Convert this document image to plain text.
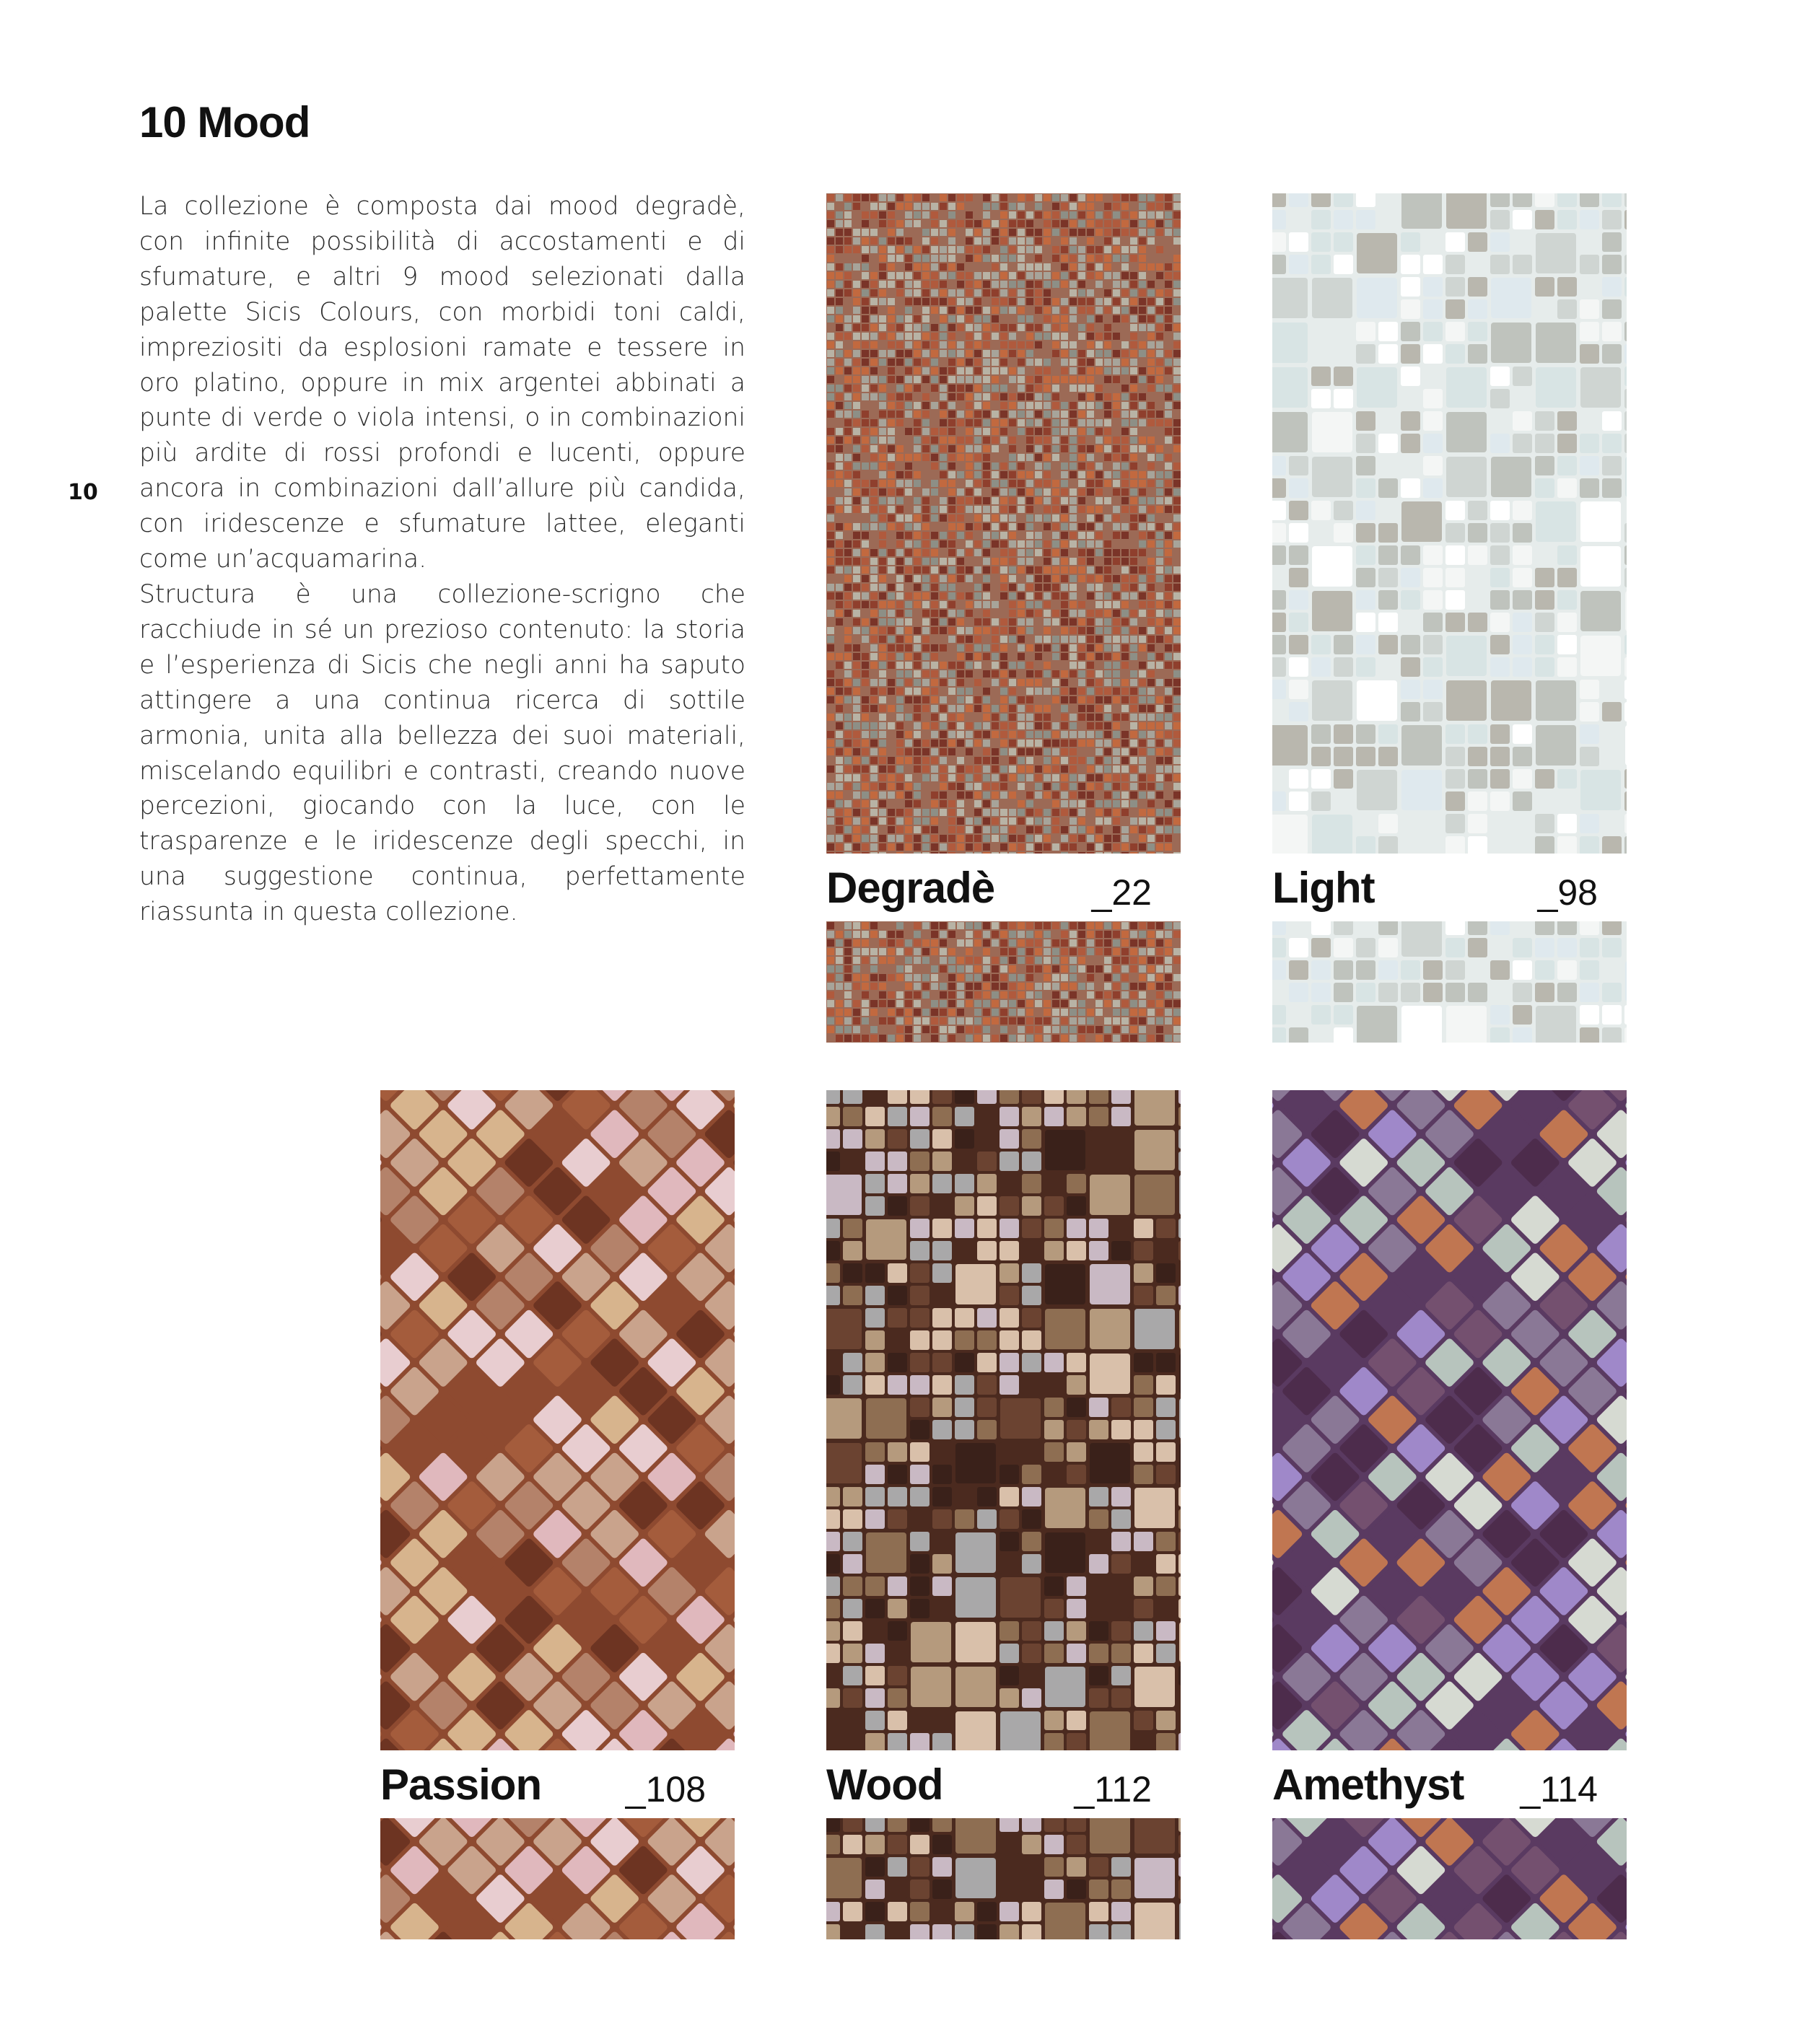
10 Mood
10

La collezione è composta dai mood degradè, con infinite possibilità di accostamenti e di sfumature, e altri 9 mood selezionati dalla palette Sicis Colours, con morbidi toni caldi, impreziositi da esplosioni ramate e tessere in oro platino, oppure in mix argentei abbinati a punte di verde o viola intensi, o in combinazioni più ardite di rossi profondi e lucenti, oppure ancora in combinazioni dall’allure più candida, con iridescenze e sfumature lattee, eleganti come un’acquamarina.

Structura è una collezione-scrigno che racchiude in sé un prezioso contenuto: la storia e l’esperienza di Sicis che negli anni ha saputo attingere a una continua ricerca di sottile armonia, unita alla bellezza dei suoi materiali, miscelando equilibri e contrasti, creando nuove percezioni, giocando con la luce, con le trasparenze e le iridescenze degli specchi, in una suggestione continua, perfettamente riassunta in questa collezione.

Degradè	_22	Light	_98
Passion _108	Wood	_112	Amethyst _114
